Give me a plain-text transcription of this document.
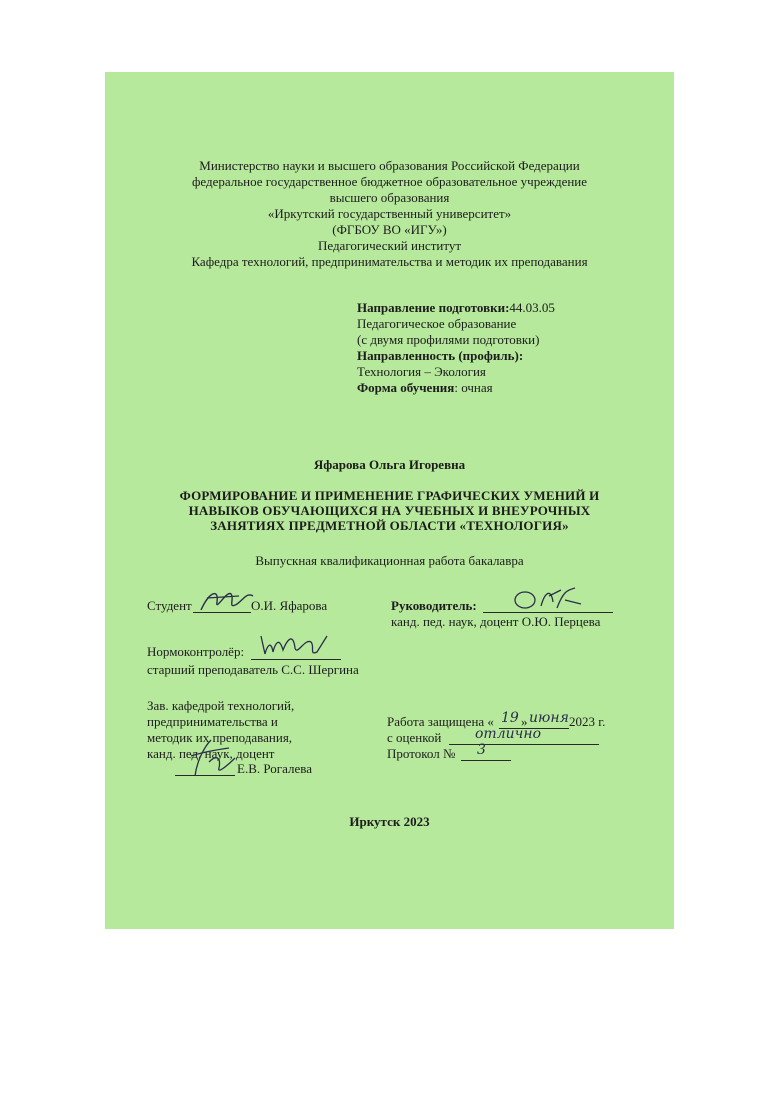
Министерство науки и высшего образования Российской Федерации
федеральное государственное бюджетное образовательное учреждение
высшего образования
«Иркутский государственный университет»
(ФГБОУ ВО «ИГУ»)
Педагогический институт
Кафедра технологий, предпринимательства и методик их преподавания
Направление подготовки:44.03.05
Педагогическое образование
(с двумя профилями подготовки)
Направленность (профиль):
Технология – Экология
Форма обучения: очная
Яфарова Ольга Игоревна
ФОРМИРОВАНИЕ И ПРИМЕНЕНИЕ ГРАФИЧЕСКИХ УМЕНИЙ И
НАВЫКОВ ОБУЧАЮЩИХСЯ НА УЧЕБНЫХ И ВНЕУРОЧНЫХ
ЗАНЯТИЯХ ПРЕДМЕТНОЙ ОБЛАСТИ «ТЕХНОЛОГИЯ»
Выпускная квалификационная работа бакалавра
Студент	О.И. Яфарова	Руководитель:
канд. пед. наук, доцент О.Ю. Перцева
Нормоконтролёр:
старший преподаватель С.С. Шергина
Зав. кафедрой технологий,
предпринимательства и
методик их преподавания,
канд. пед. наук, доцент
Е.В. Рогалева
Работа защищена « 19 » июня 2023 г.
с оценкой отлично
Протокол № 3
Иркутск 2023
